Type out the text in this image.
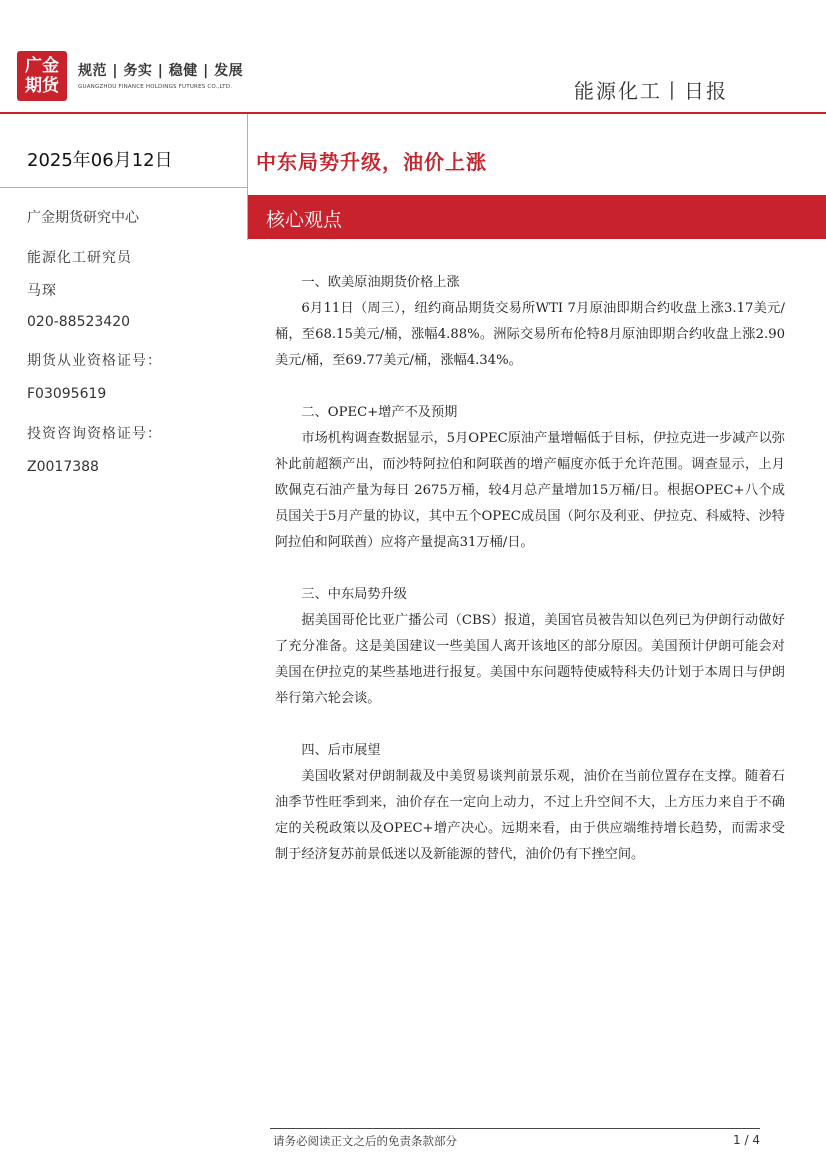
广金
期货
规范 | 务实 | 稳健 | 发展
GUANGZHOU FINANCE HOLDINGS FUTURES CO.,LTD.	能源化工丨日报
2025年06月12日	中东局势升级，油价上涨
广金期货研究中心
能源化工研究员
马琛
020-88523420
期货从业资格证号：
F03095619
投资咨询资格证号：
Z0017388
核心观点

一、欧美原油期货价格上涨

6月11日（周三），纽约商品期货交易所WTI 7月原油即期合约收盘上涨3.17美元/桶，至68.15美元/桶，涨幅4.88%。洲际交易所布伦特8月原油即期合约收盘上涨2.90美元/桶，至69.77美元/桶，涨幅4.34%。

二、OPEC+增产不及预期

市场机构调查数据显示，5月OPEC原油产量增幅低于目标，伊拉克进一步减产以弥补此前超额产出，而沙特阿拉伯和阿联酋的增产幅度亦低于允许范围。调查显示，上月欧佩克石油产量为每日 2675万桶，较4月总产量增加15万桶/日。根据OPEC+八个成员国关于5月产量的协议，其中五个OPEC成员国（阿尔及利亚、伊拉克、科威特、沙特阿拉伯和阿联酋）应将产量提高31万桶/日。

三、中东局势升级

据美国哥伦比亚广播公司（CBS）报道，美国官员被告知以色列已为伊朗行动做好了充分准备。这是美国建议一些美国人离开该地区的部分原因。美国预计伊朗可能会对美国在伊拉克的某些基地进行报复。美国中东问题特使威特科夫仍计划于本周日与伊朗举行第六轮会谈。

四、后市展望

美国收紧对伊朗制裁及中美贸易谈判前景乐观，油价在当前位置存在支撑。随着石油季节性旺季到来，油价存在一定向上动力，不过上升空间不大，上方压力来自于不确定的关税政策以及OPEC+增产决心。远期来看，由于供应端维持增长趋势，而需求受制于经济复苏前景低迷以及新能源的替代，油价仍有下挫空间。

请务必阅读正文之后的免责条款部分	1 / 4
